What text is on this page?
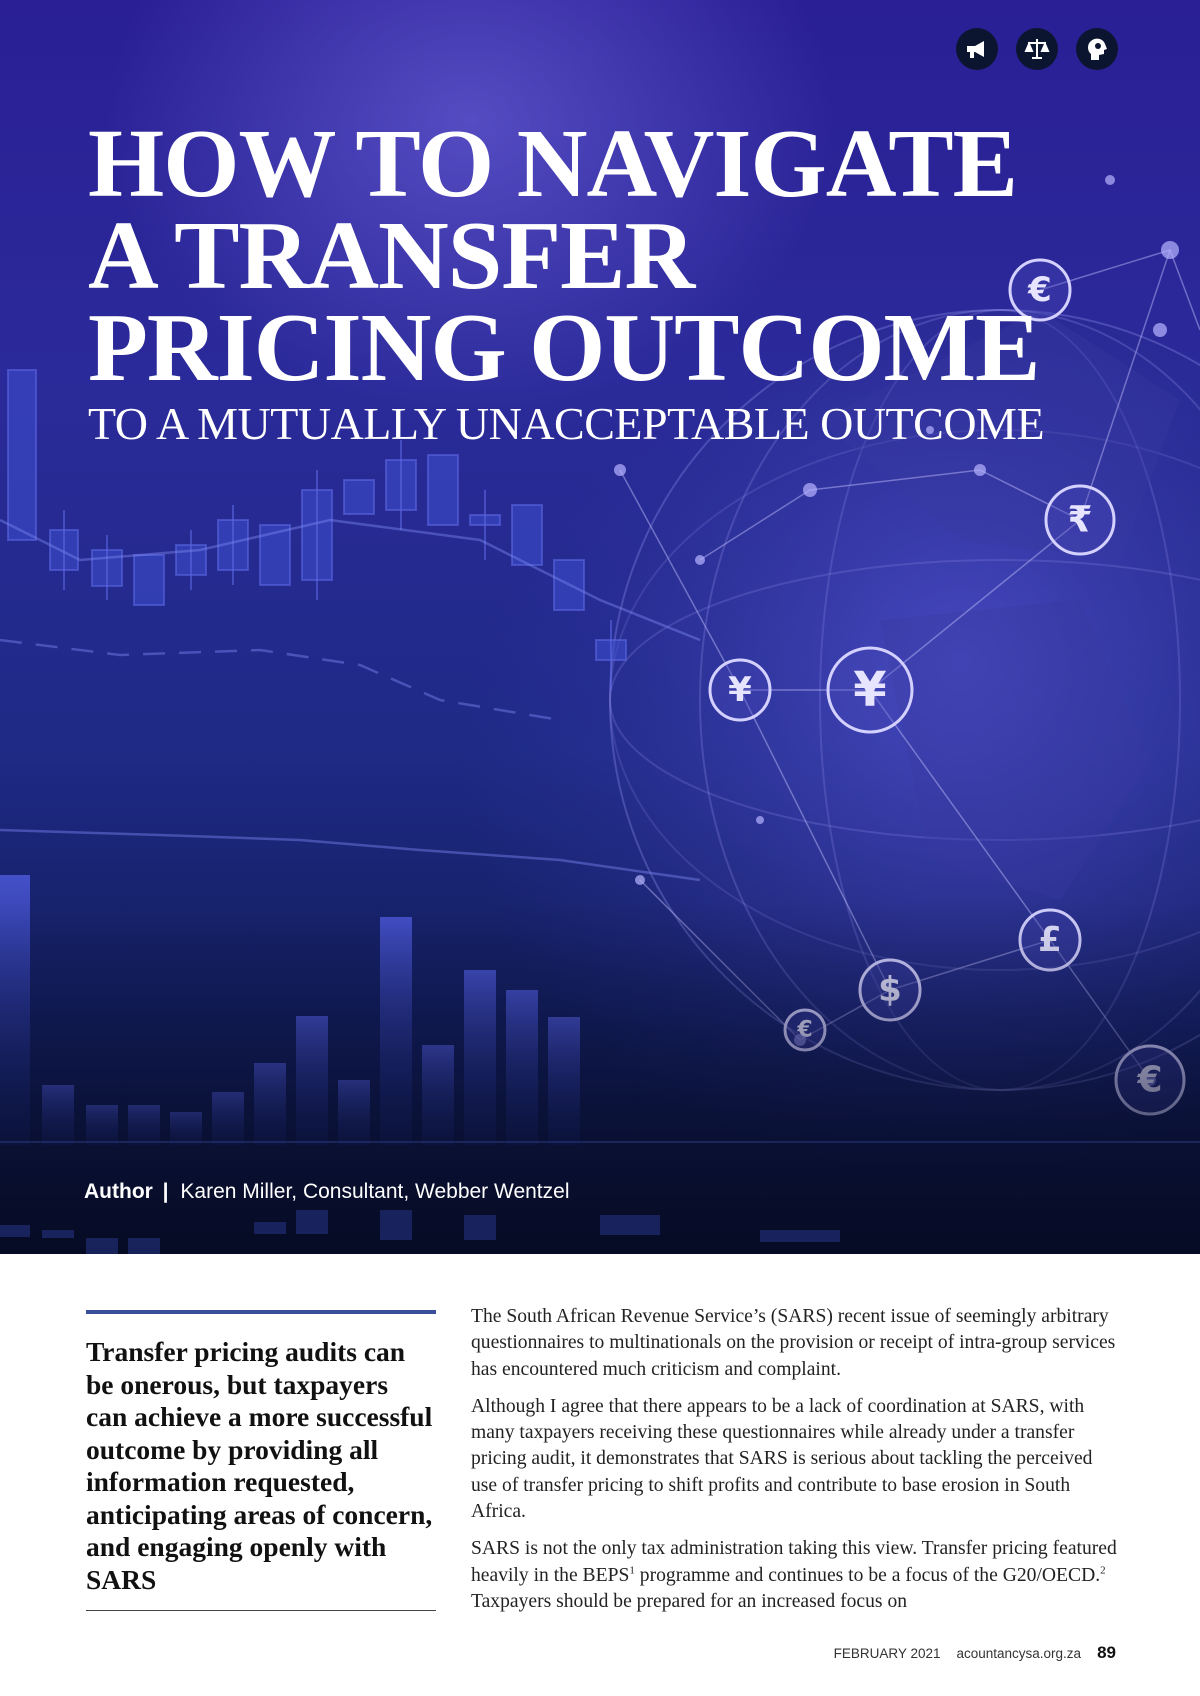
€
₹
¥ ¥
HOW TO NAVIGATE
A TRANSFER
PRICING OUTCOME
TO A MUTUALLY UNACCEPTABLE OUTCOME
Author | Karen Miller, Consultant, Webber Wentzel

Transfer pricing audits can be onerous, but taxpayers can achieve a more successful outcome by providing all information requested, anticipating areas of concern, and engaging openly with SARS

The South African Revenue Service’s (SARS) recent issue of seemingly arbitrary questionnaires to multinationals on the provision or receipt of intra-group services has encountered much criticism and complaint.

Although I agree that there appears to be a lack of coordination at SARS, with many taxpayers receiving these questionnaires while already under a transfer pricing audit, it demonstrates that SARS is serious about tackling the perceived use of transfer pricing to shift profits and contribute to base erosion in South Africa.

SARS is not the only tax administration taking this view. Transfer pricing featured heavily in the BEPS$^1$ programme and continues to be a focus of the G20/OECD.$^2$ Taxpayers should be prepared for an increased focus on

FEBRUARY 2021 acountancysa.org.za 89
